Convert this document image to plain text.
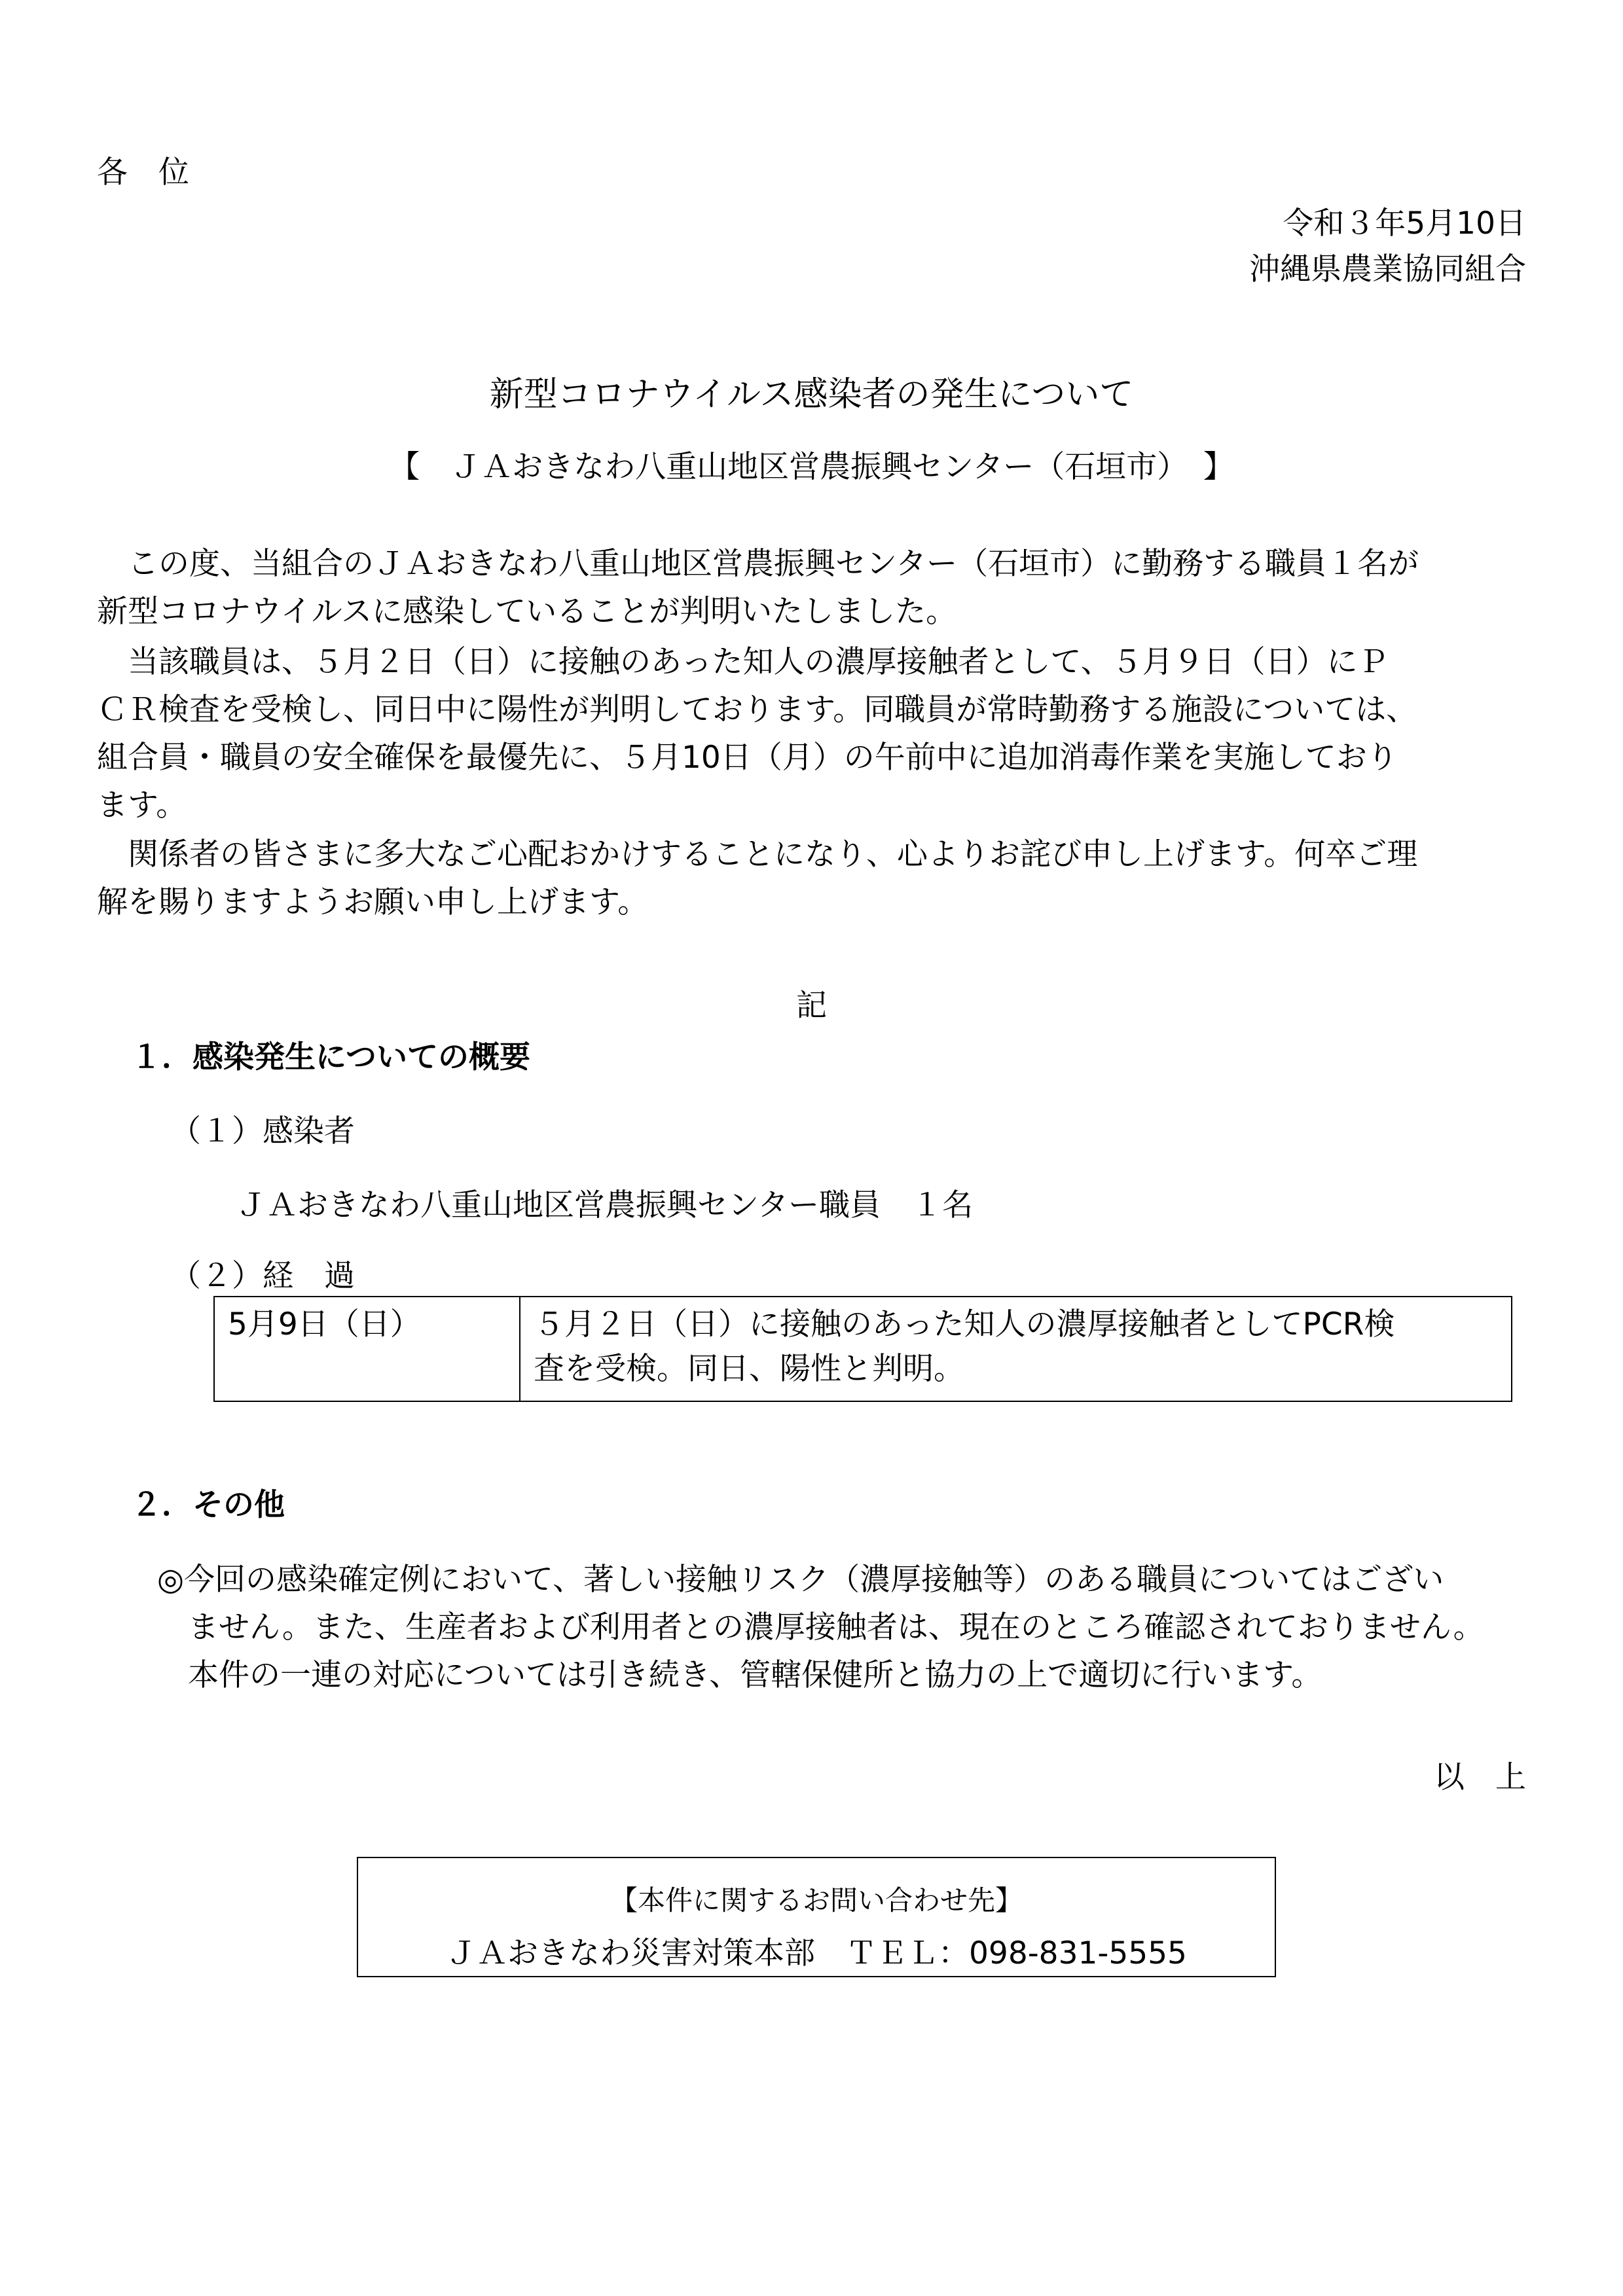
各　位
令和３年5月10日
沖縄県農業協同組合
新型コロナウイルス感染者の発生について
【　ＪＡおきなわ八重山地区営農振興センター（石垣市）　】
　この度、当組合のＪＡおきなわ八重山地区営農振興センター（石垣市）に勤務する職員１名が
新型コロナウイルスに感染していることが判明いたしました。
　当該職員は、５月２日（日）に接触のあった知人の濃厚接触者として、５月９日（日）にＰ
ＣＲ検査を受検し、同日中に陽性が判明しております。同職員が常時勤務する施設については、
組合員・職員の安全確保を最優先に、５月10日（月）の午前中に追加消毒作業を実施しており
ます。
　関係者の皆さまに多大なご心配おかけすることになり、心よりお詫び申し上げます。何卒ご理
解を賜りますようお願い申し上げます。
記
１．感染発生についての概要
（１）感染者
ＪＡおきなわ八重山地区営農振興センター職員　１名
（２）経　過
5月9日（日）	５月２日（日）に接触のあった知人の濃厚接触者としてPCR検
査を受検。同日、陽性と判明。
２．その他
◎今回の感染確定例において、著しい接触リスク（濃厚接触等）のある職員についてはござい
　ません。また、生産者および利用者との濃厚接触者は、現在のところ確認されておりません。
　本件の一連の対応については引き続き、管轄保健所と協力の上で適切に行います。
以　上
【本件に関するお問い合わせ先】
ＪＡおきなわ災害対策本部　ＴＥＬ：098-831-5555
